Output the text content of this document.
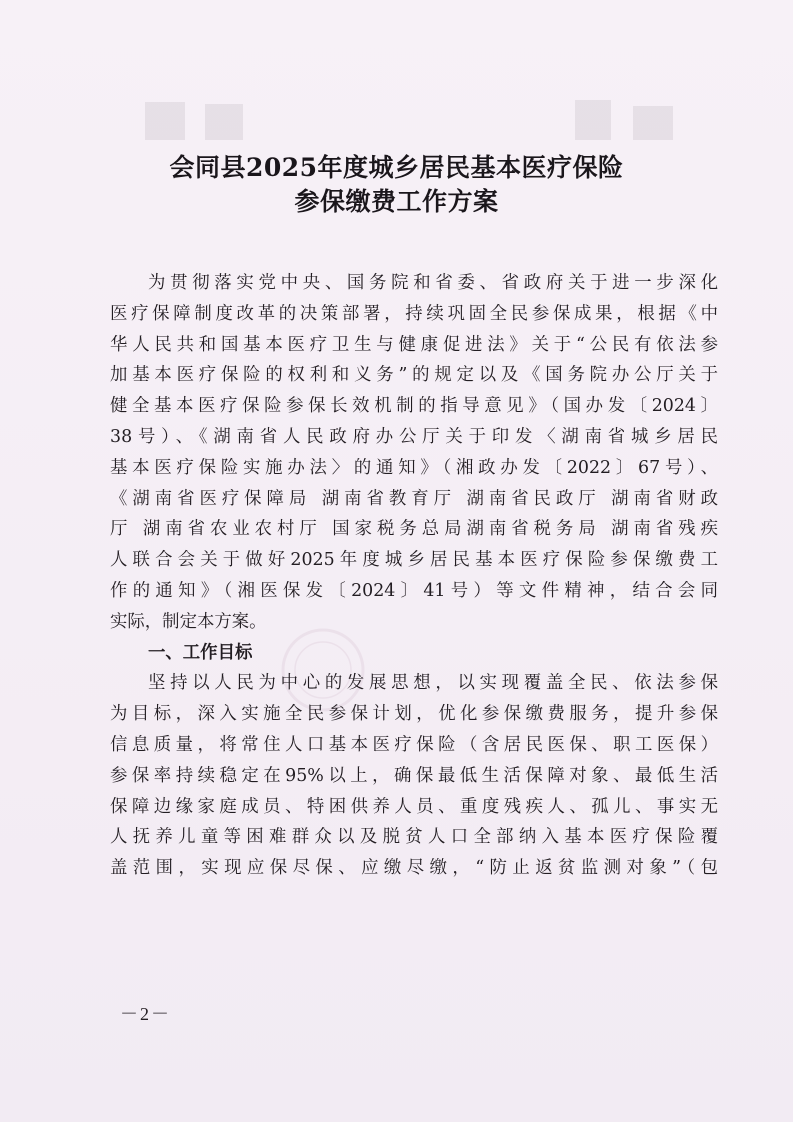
会同县2025年度城乡居民基本医疗保险
参保缴费工作方案
为贯彻落实党中央、国务院和省委、省政府关于进一步深化
医疗保障制度改革的决策部署，持续巩固全民参保成果，根据《中
华人民共和国基本医疗卫生与健康促进法》关于“公民有依法参
加基本医疗保险的权利和义务”的规定以及《国务院办公厅关于
健全基本医疗保险参保长效机制的指导意见》（国办发〔2024〕
38号）、《湖南省人民政府办公厅关于印发〈湖南省城乡居民
基本医疗保险实施办法〉的通知》（湘政办发〔2022〕67号）、
《湖南省医疗保障局 湖南省教育厅 湖南省民政厅 湖南省财政
厅 湖南省农业农村厅 国家税务总局湖南省税务局 湖南省残疾
人联合会关于做好2025年度城乡居民基本医疗保险参保缴费工
作的通知》（湘医保发〔2024〕41号）等文件精神，结合会同
实际，制定本方案。
一、工作目标
坚持以人民为中心的发展思想，以实现覆盖全民、依法参保
为目标，深入实施全民参保计划，优化参保缴费服务，提升参保
信息质量，将常住人口基本医疗保险（含居民医保、职工医保）
参保率持续稳定在95%以上，确保最低生活保障对象、最低生活
保障边缘家庭成员、特困供养人员、重度残疾人、孤儿、事实无
人抚养儿童等困难群众以及脱贫人口全部纳入基本医疗保险覆
盖范围，实现应保尽保、应缴尽缴，“防止返贫监测对象”（包
－2－
